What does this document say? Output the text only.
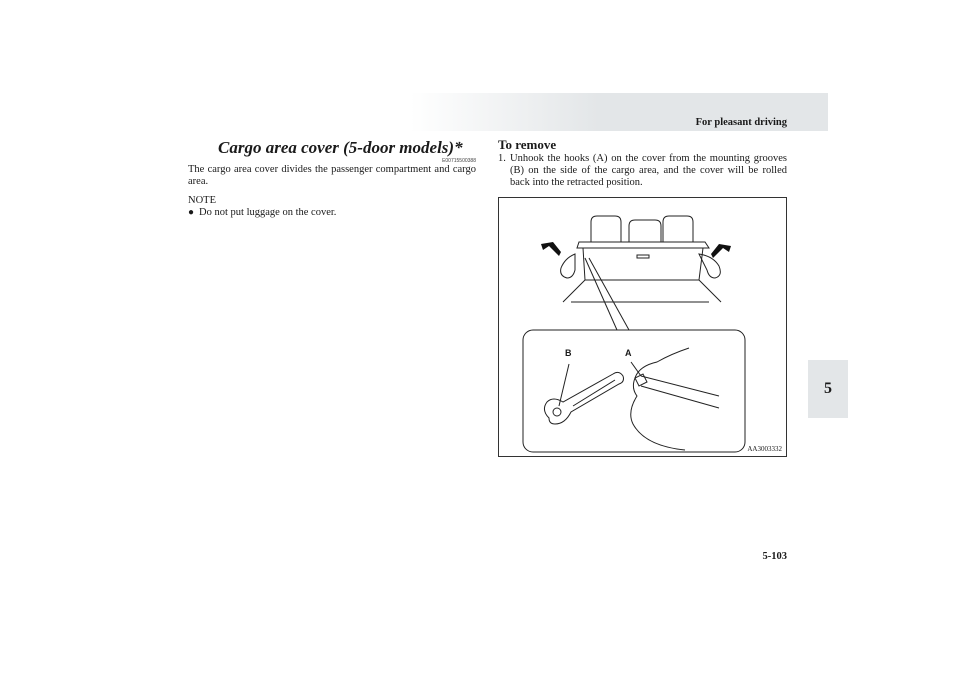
For pleasant driving
5
Cargo area cover (5-door models)*
E00715500388

The cargo area cover divides the passenger compartment and cargo area.

NOTE
● Do not put luggage on the cover.
To remove
1. Unhook the hooks (A) on the cover from the mounting grooves (B) on the side of the cargo area, and the cover will be rolled back into the retracted position.
B	A
AA3003332
5-103
